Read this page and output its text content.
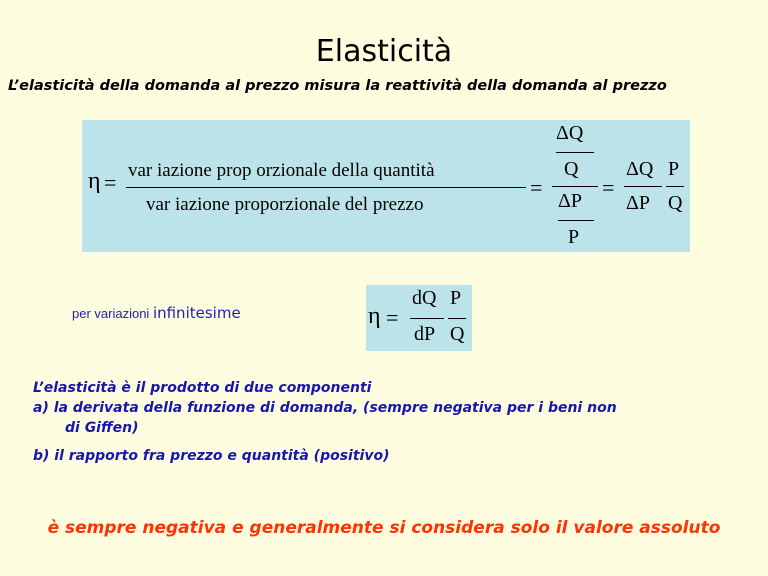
Elasticità
L’elasticità della domanda al prezzo misura la reattività della domanda al prezzo
η = var iazione prop orzionale della quantità
var iazione proporzionale del prezzo
=
ΔQ
Q
ΔP
P
=
ΔQ
ΔP
P
Q
per variazioni infinitesime	η =
dQ
dP
P
Q
L’elasticità è il prodotto di due componenti
a) la derivata della funzione di domanda, (sempre negativa per i beni non
di Giffen)
b) il rapporto fra prezzo e quantità (positivo)
è sempre negativa e generalmente si considera solo il valore assoluto
